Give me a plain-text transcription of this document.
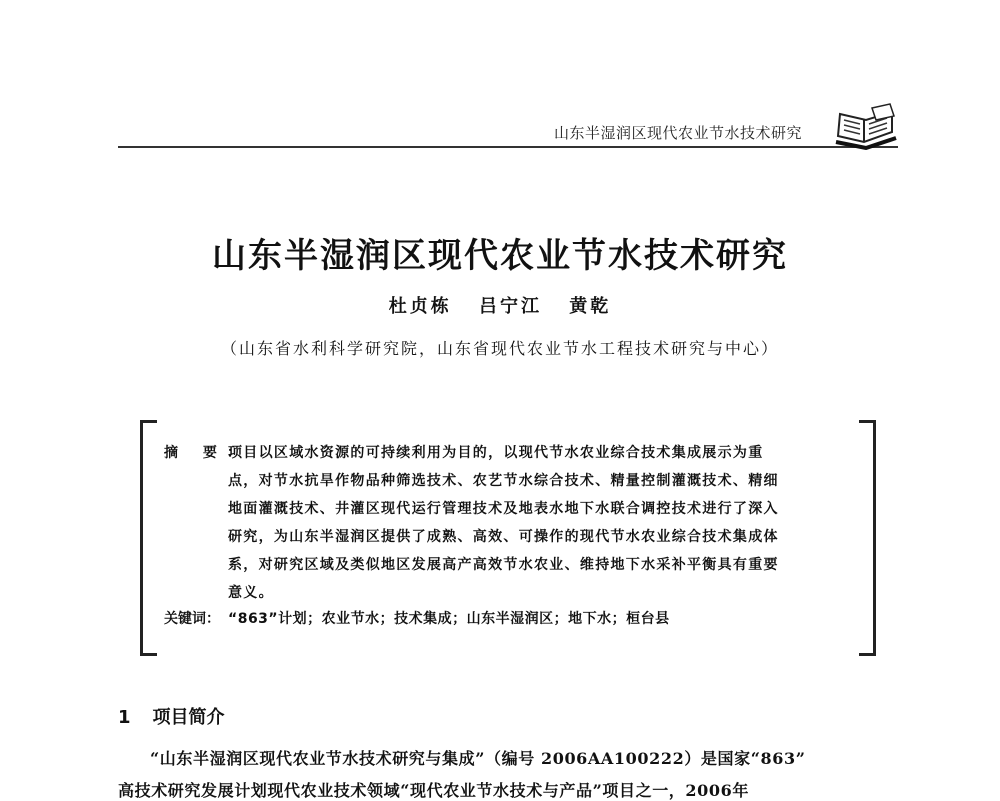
山东半湿润区现代农业节水技术研究
山东半湿润区现代农业节水技术研究
杜贞栋 吕宁江 黄乾
（山东省水利科学研究院，山东省现代农业节水工程技术研究与中心）
摘 要：
项目以区域水资源的可持续利用为目的，以现代节水农业综合技术集成展示为重
点，对节水抗旱作物品种筛选技术、农艺节水综合技术、精量控制灌溉技术、精细
地面灌溉技术、井灌区现代运行管理技术及地表水地下水联合调控技术进行了深入
研究，为山东半湿润区提供了成熟、高效、可操作的现代节水农业综合技术集成体
系，对研究区域及类似地区发展高产高效节水农业、维持地下水采补平衡具有重要
意义。
关键词： “863”计划；农业节水；技术集成；山东半湿润区；地下水；桓台县
1 项目简介
“山东半湿润区现代农业节水技术研究与集成”（编号 2006AA100222）是国家“863”
高技术研究发展计划现代农业技术领域“现代农业节水技术与产品”项目之一，2006年
